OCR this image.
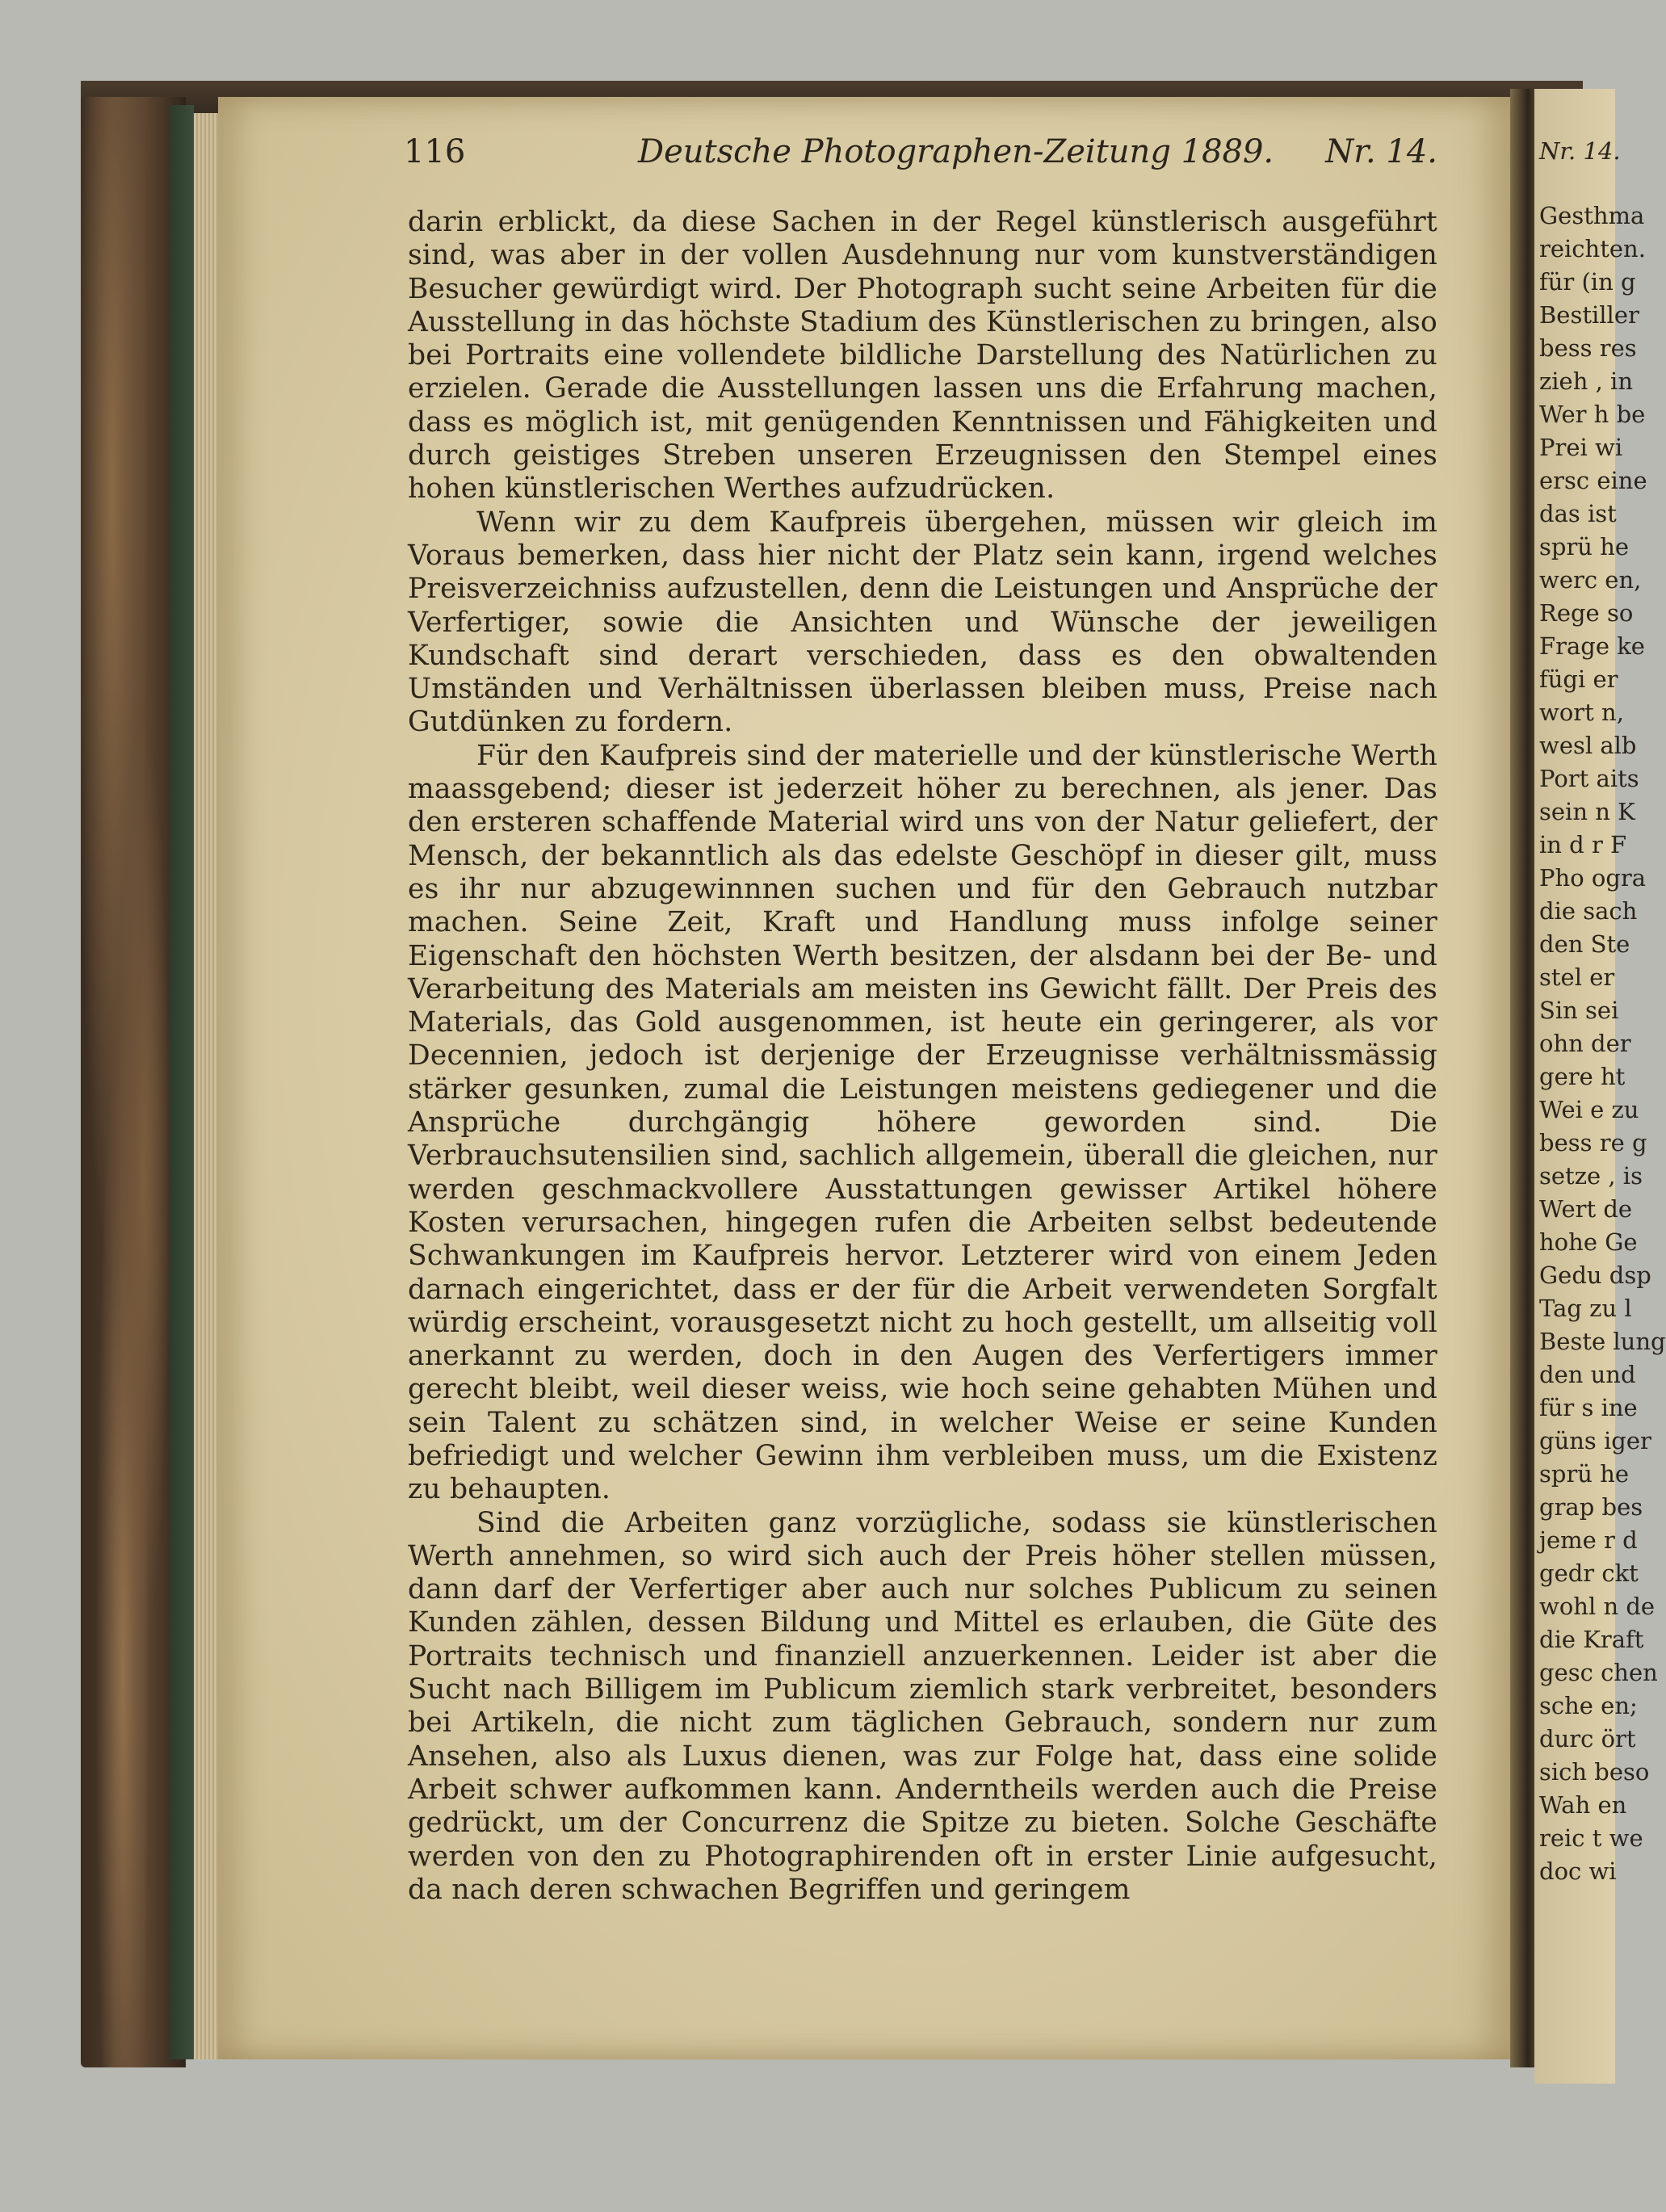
116	Deutsche Photographen-Zeitung 1889. Nr. 14.

darin erblickt, da diese Sachen in der Regel künstlerisch ausgeführt sind, was aber in der vollen Ausdehnung nur vom kunstverständigen Besucher gewürdigt wird. Der Photograph sucht seine Arbeiten für die Ausstellung in das höchste Stadium des Künstlerischen zu bringen, also bei Portraits eine vollendete bildliche Darstellung des Natürlichen zu erzielen. Gerade die Ausstellungen lassen uns die Erfahrung machen, dass es möglich ist, mit genügenden Kenntnissen und Fähigkeiten und durch geistiges Streben unseren Erzeugnissen den Stempel eines hohen künstlerischen Werthes aufzudrücken.

Wenn wir zu dem Kaufpreis übergehen, müssen wir gleich im Voraus bemerken, dass hier nicht der Platz sein kann, irgend welches Preisverzeichniss aufzustellen, denn die Leistungen und Ansprüche der Verfertiger, sowie die Ansichten und Wünsche der jeweiligen Kundschaft sind derart verschieden, dass es den obwaltenden Umständen und Verhältnissen überlassen bleiben muss, Preise nach Gutdünken zu fordern.

Für den Kaufpreis sind der materielle und der künstlerische Werth maassgebend; dieser ist jederzeit höher zu berechnen, als jener. Das den ersteren schaffende Material wird uns von der Natur geliefert, der Mensch, der bekanntlich als das edelste Geschöpf in dieser gilt, muss es ihr nur abzugewinnnen suchen und für den Gebrauch nutzbar machen. Seine Zeit, Kraft und Handlung muss infolge seiner Eigenschaft den höchsten Werth besitzen, der alsdann bei der Be- und Verarbeitung des Materials am meisten ins Gewicht fällt. Der Preis des Materials, das Gold ausgenommen, ist heute ein geringerer, als vor Decennien, jedoch ist derjenige der Erzeugnisse verhältnissmässig stärker gesunken, zumal die Leistungen meistens gediegener und die Ansprüche durchgängig höhere geworden sind. Die Verbrauchsutensilien sind, sachlich allgemein, überall die gleichen, nur werden geschmackvollere Ausstattungen gewisser Artikel höhere Kosten verursachen, hingegen rufen die Arbeiten selbst bedeutende Schwankungen im Kaufpreis hervor. Letzterer wird von einem Jeden darnach eingerichtet, dass er der für die Arbeit verwendeten Sorgfalt würdig erscheint, vorausgesetzt nicht zu hoch gestellt, um allseitig voll anerkannt zu werden, doch in den Augen des Verfertigers immer gerecht bleibt, weil dieser weiss, wie hoch seine gehabten Mühen und sein Talent zu schätzen sind, in welcher Weise er seine Kunden befriedigt und welcher Gewinn ihm verbleiben muss, um die Existenz zu behaupten.

Sind die Arbeiten ganz vorzügliche, sodass sie künstlerischen Werth annehmen, so wird sich auch der Preis höher stellen müssen, dann darf der Verfertiger aber auch nur solches Publicum zu seinen Kunden zählen, dessen Bildung und Mittel es erlauben, die Güte des Portraits technisch und finanziell anzuerkennen. Leider ist aber die Sucht nach Billigem im Publicum ziemlich stark verbreitet, besonders bei Artikeln, die nicht zum täglichen Gebrauch, sondern nur zum Ansehen, also als Luxus dienen, was zur Folge hat, dass eine solide Arbeit schwer aufkommen kann. Anderntheils werden auch die Preise gedrückt, um der Concurrenz die Spitze zu bieten. Solche Geschäfte werden von den zu Photographirenden oft in erster Linie aufgesucht, da nach deren schwachen Begriffen und geringem

Nr. 14.
Gesthma
reichten.
für (in g
Bestiller
bess res
zieh , in
Wer h be
Prei wi
ersc eine
das ist
sprü he
werc en,
Rege so
Frage ke
fügi er
wort n,
wesl alb
Port aits
sein n K
in d r F
Pho ogra
die sach
den Ste
stel er
Sin sei
ohn der
gere ht
Wei e zu
bess re g
setze , is
Wert de
hohe Ge
Gedu dsp
Tag zu l
Beste lung
den und
für s ine
güns iger
sprü he
grap bes
jeme r d
gedr ckt
wohl n de
die Kraft
gesc chen
sche en;
durc ört
sich beso
Wah en
reic t we
doc wi
